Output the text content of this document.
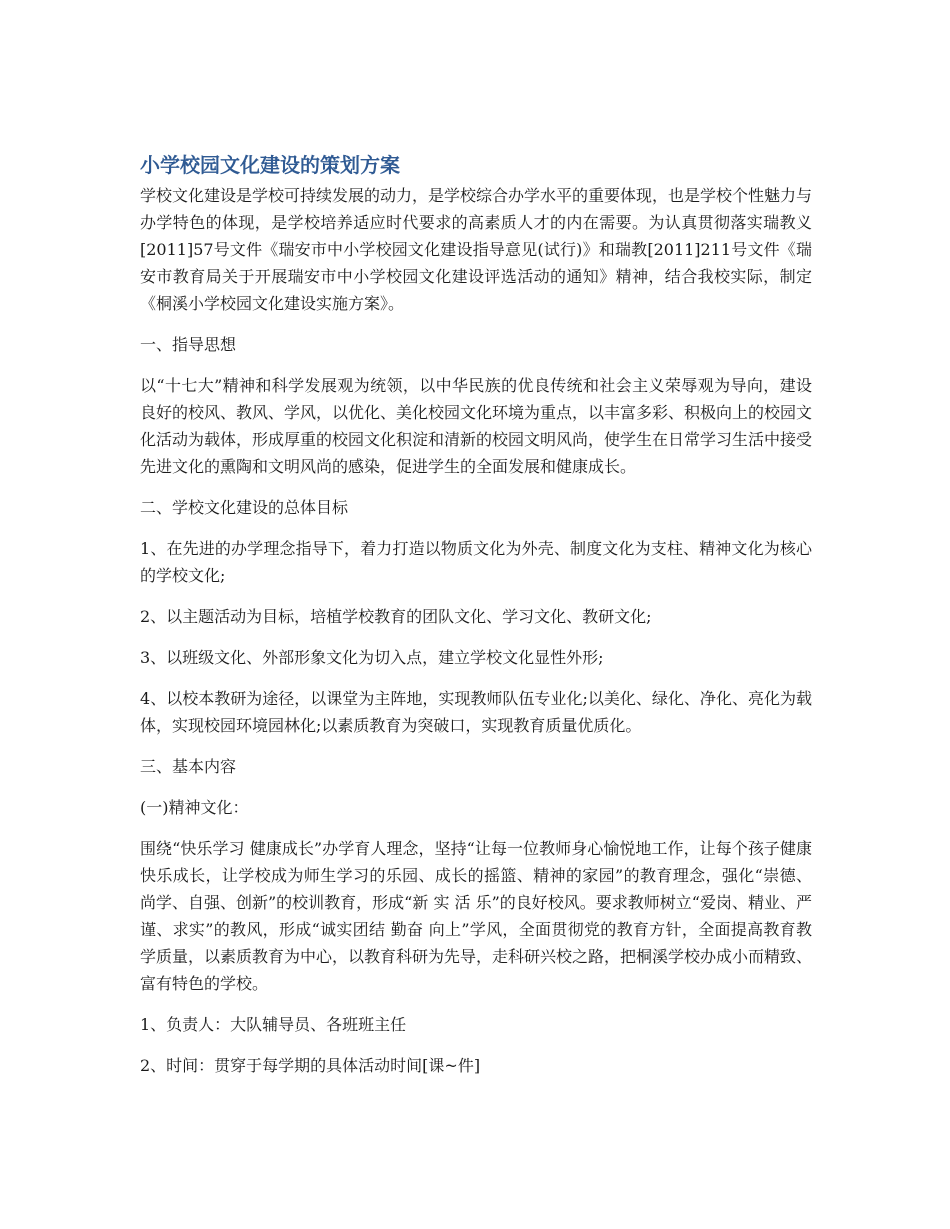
小学校园文化建设的策划方案

学校文化建设是学校可持续发展的动力，是学校综合办学水平的重要体现，也是学校个性魅力与办学特色的体现，是学校培养适应时代要求的高素质人才的内在需要。为认真贯彻落实瑞教义[2011]57号文件《瑞安市中小学校园文化建设指导意见(试行)》和瑞教[2011]211号文件《瑞安市教育局关于开展瑞安市中小学校园文化建设评选活动的通知》精神，结合我校实际，制定《桐溪小学校园文化建设实施方案》。

一、指导思想

以“十七大”精神和科学发展观为统领，以中华民族的优良传统和社会主义荣辱观为导向，建设良好的校风、教风、学风，以优化、美化校园文化环境为重点，以丰富多彩、积极向上的校园文化活动为载体，形成厚重的校园文化积淀和清新的校园文明风尚，使学生在日常学习生活中接受先进文化的熏陶和文明风尚的感染，促进学生的全面发展和健康成长。

二、学校文化建设的总体目标

1、在先进的办学理念指导下，着力打造以物质文化为外壳、制度文化为支柱、精神文化为核心的学校文化;

2、以主题活动为目标，培植学校教育的团队文化、学习文化、教研文化;

3、以班级文化、外部形象文化为切入点，建立学校文化显性外形;

4、以校本教研为途径，以课堂为主阵地，实现教师队伍专业化;以美化、绿化、净化、亮化为载体，实现校园环境园林化;以素质教育为突破口，实现教育质量优质化。

三、基本内容

(一)精神文化：

围绕“快乐学习 健康成长”办学育人理念，坚持“让每一位教师身心愉悦地工作，让每个孩子健康快乐成长，让学校成为师生学习的乐园、成长的摇篮、精神的家园”的教育理念，强化“崇德、尚学、自强、创新”的校训教育，形成“新 实 活 乐”的良好校风。要求教师树立“爱岗、精业、严谨、求实”的教风，形成“诚实团结 勤奋 向上”学风，全面贯彻党的教育方针，全面提高教育教学质量，以素质教育为中心，以教育科研为先导，走科研兴校之路，把桐溪学校办成小而精致、富有特色的学校。

1、负责人：大队辅导员、各班班主任

2、时间：贯穿于每学期的具体活动时间[课~件]
